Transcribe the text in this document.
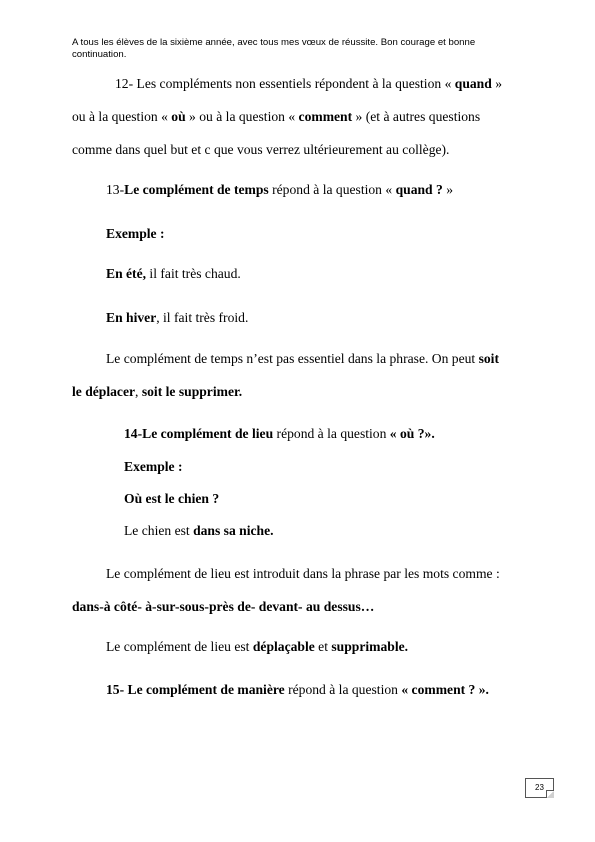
A tous les élèves de la sixième année, avec tous mes vœux de réussite. Bon courage et bonne continuation.
12- Les compléments non essentiels répondent à la question « quand »
ou à la question « où » ou à la question « comment » (et à autres questions
comme dans quel but et c que vous verrez ultérieurement au collège).
13-Le complément de temps répond à la question « quand ? »
Exemple :
En été, il fait très chaud.
En hiver, il fait très froid.
Le complément de temps n’est pas essentiel dans la phrase. On peut soit
le déplacer, soit le supprimer.
14-Le complément de lieu répond à la question « où ?».
Exemple :
Où est le chien ?
Le chien est dans sa niche.
Le complément de lieu est introduit dans la phrase par les mots comme :
dans-à côté- à-sur-sous-près de- devant- au dessus…
Le complément de lieu est déplaçable et supprimable.
15- Le complément de manière répond à la question « comment ? ».
23
